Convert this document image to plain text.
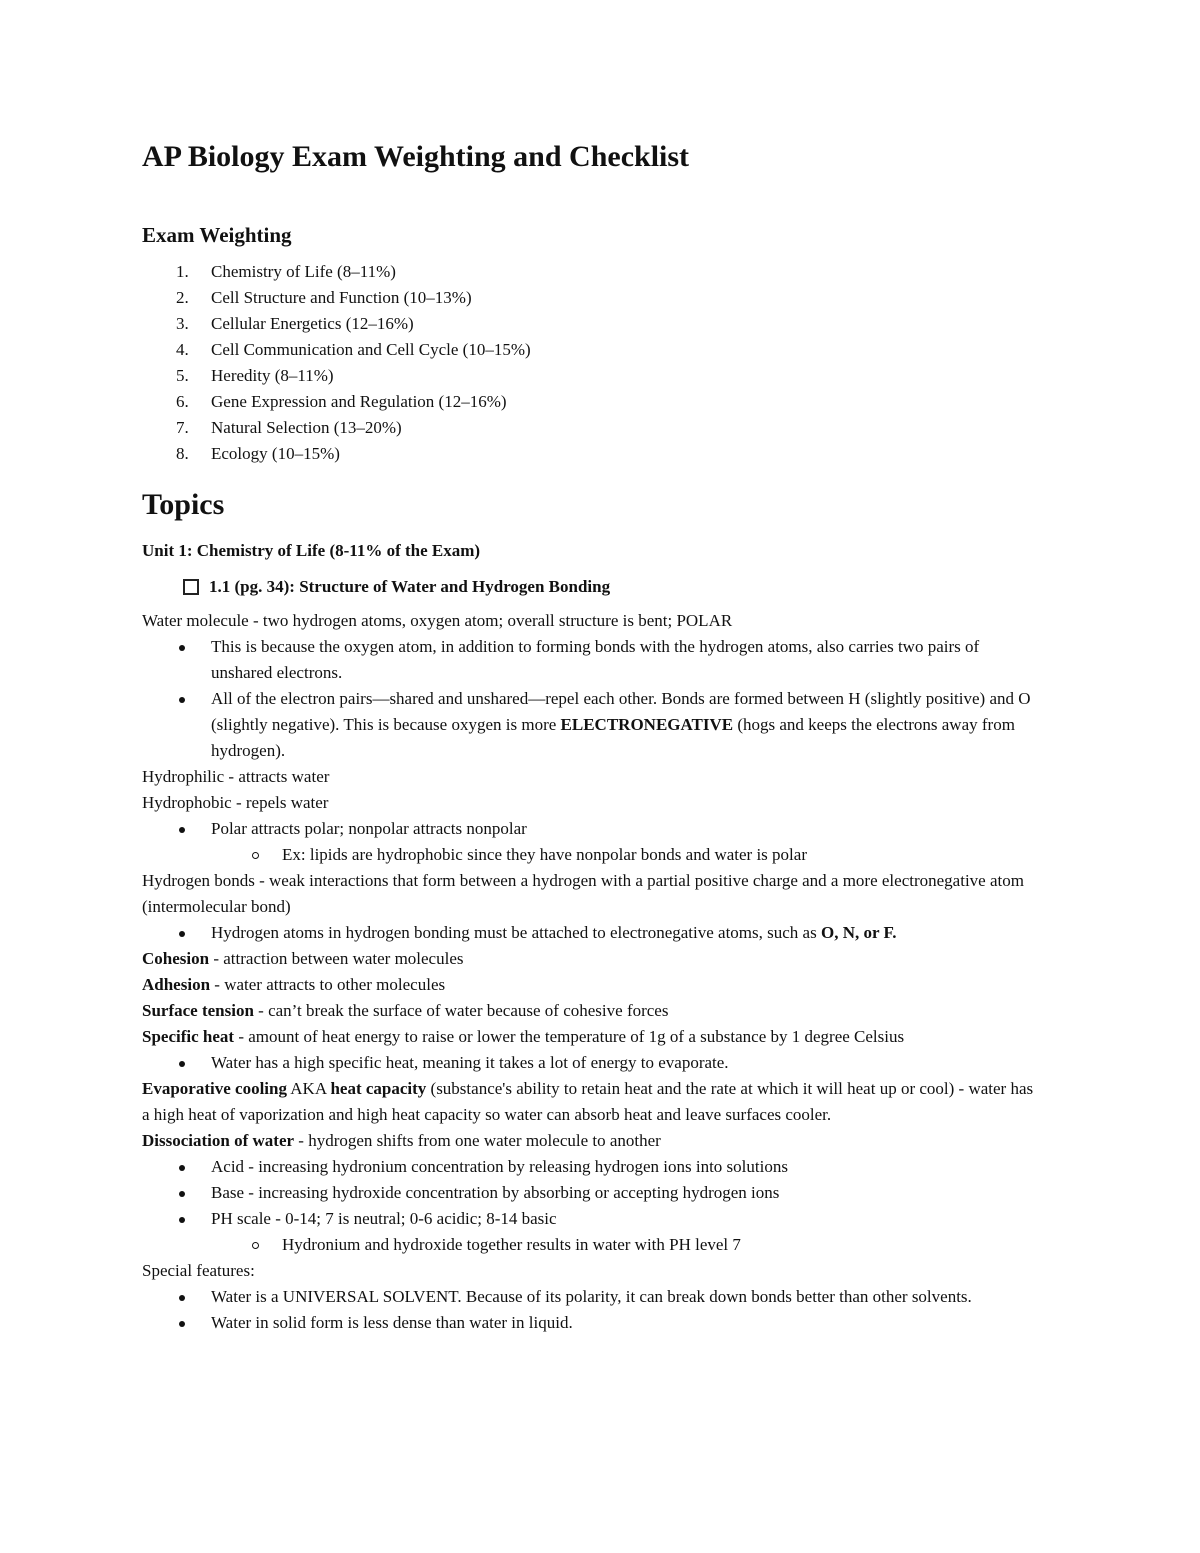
AP Biology Exam Weighting and Checklist
Exam Weighting
1. Chemistry of Life (8–11%)
2. Cell Structure and Function (10–13%)
3. Cellular Energetics (12–16%)
4. Cell Communication and Cell Cycle (10–15%)
5. Heredity (8–11%)
6. Gene Expression and Regulation (12–16%)
7. Natural Selection (13–20%)
8. Ecology (10–15%)
Topics
Unit 1: Chemistry of Life (8-11% of the Exam)
1.1 (pg. 34): Structure of Water and Hydrogen Bonding

Water molecule - two hydrogen atoms, oxygen atom; overall structure is bent; POLAR

This is because the oxygen atom, in addition to forming bonds with the hydrogen atoms, also carries two pairs of unshared electrons.
All of the electron pairs—shared and unshared—repel each other. Bonds are formed between H (slightly positive) and O (slightly negative). This is because oxygen is more ELECTRONEGATIVE (hogs and keeps the electrons away from hydrogen).

Hydrophilic - attracts water

Hydrophobic - repels water

Polar attracts polar; nonpolar attracts nonpolar
Ex: lipids are hydrophobic since they have nonpolar bonds and water is polar

Hydrogen bonds - weak interactions that form between a hydrogen with a partial positive charge and a more electronegative atom (intermolecular bond)

Hydrogen atoms in hydrogen bonding must be attached to electronegative atoms, such as O, N, or F.

Cohesion - attraction between water molecules

Adhesion - water attracts to other molecules

Surface tension - can’t break the surface of water because of cohesive forces

Specific heat - amount of heat energy to raise or lower the temperature of 1g of a substance by 1 degree Celsius

Water has a high specific heat, meaning it takes a lot of energy to evaporate.

Evaporative cooling AKA heat capacity (substance's ability to retain heat and the rate at which it will heat up or cool) - water has a high heat of vaporization and high heat capacity so water can absorb heat and leave surfaces cooler.

Dissociation of water - hydrogen shifts from one water molecule to another

Acid - increasing hydronium concentration by releasing hydrogen ions into solutions
Base - increasing hydroxide concentration by absorbing or accepting hydrogen ions
PH scale - 0-14; 7 is neutral; 0-6 acidic; 8-14 basic
Hydronium and hydroxide together results in water with PH level 7

Special features:

Water is a UNIVERSAL SOLVENT. Because of its polarity, it can break down bonds better than other solvents.
Water in solid form is less dense than water in liquid.
